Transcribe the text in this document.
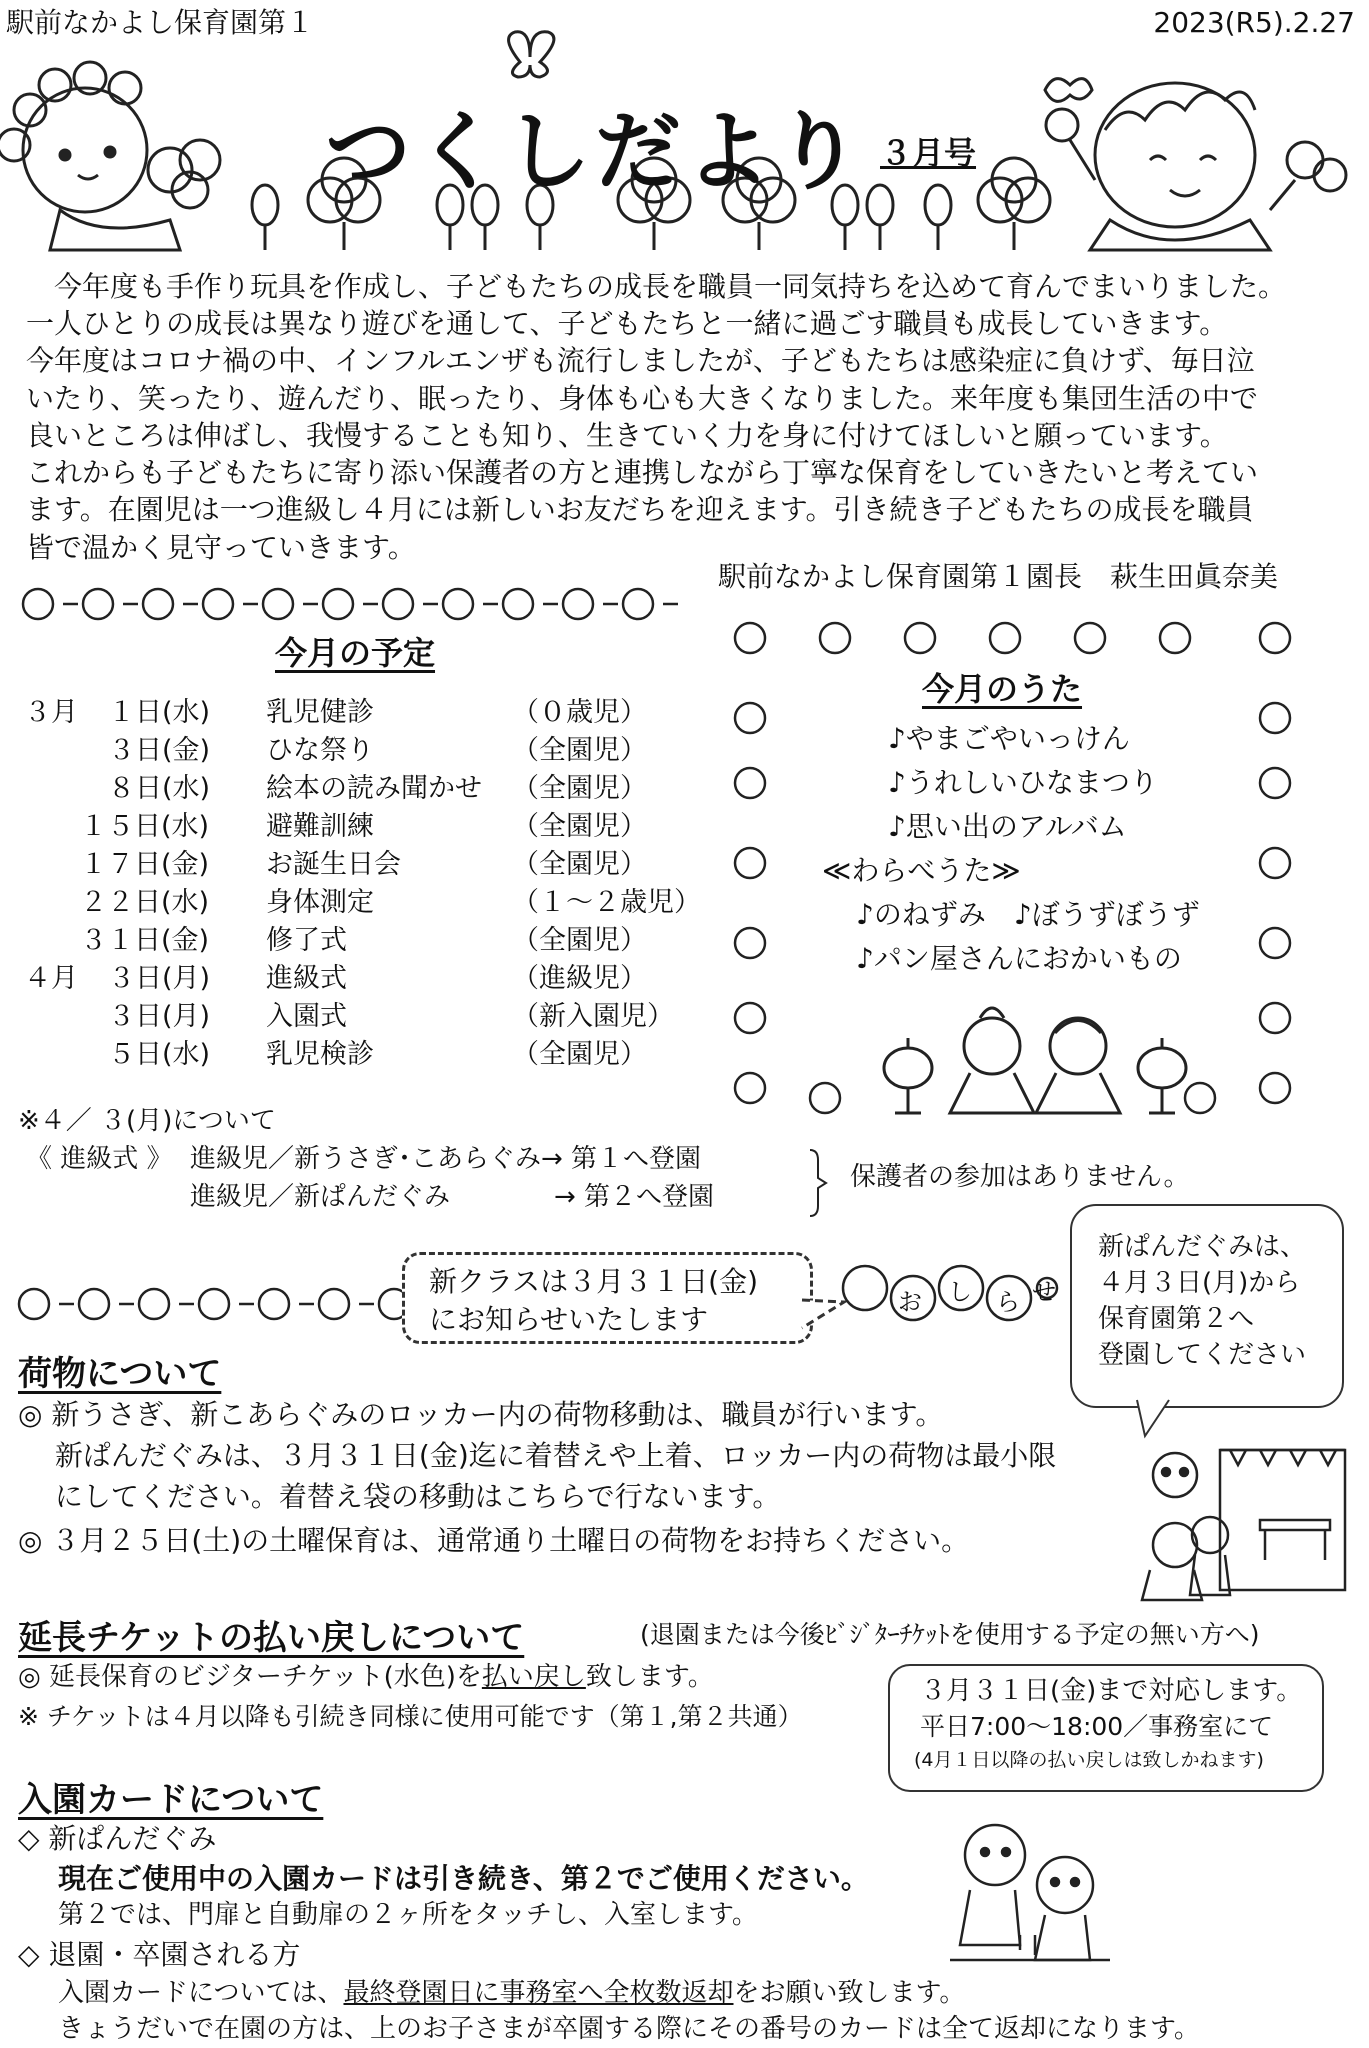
駅前なかよし保育園第１	2023(R5).2.27
つくしだより ３月号
　今年度も手作り玩具を作成し、子どもたちの成長を職員一同気持ちを込めて育んでまいりました。
一人ひとりの成長は異なり遊びを通して、子どもたちと一緒に過ごす職員も成長していきます。
今年度はコロナ禍の中、インフルエンザも流行しましたが、子どもたちは感染症に負けず、毎日泣
いたり、笑ったり、遊んだり、眠ったり、身体も心も大きくなりました。来年度も集団生活の中で
良いところは伸ばし、我慢することも知り、生きていく力を身に付けてほしいと願っています。
これからも子どもたちに寄り添い保護者の方と連携しながら丁寧な保育をしていきたいと考えてい
ます。在園児は一つ進級し４月には新しいお友だちを迎えます。引き続き子どもたちの成長を職員
皆で温かく見守っていきます。
駅前なかよし保育園第１園長　萩生田眞奈美
今月の予定
３月 １日(水) 乳児健診	（０歳児）
３日(金) ひな祭り	（全園児）
８日(水) 絵本の読み聞かせ （全園児）
１５日(水) 避難訓練	（全園児）
１７日(金) お誕生日会	（全園児）
２２日(水) 身体測定	（１～２歳児）
３１日(金) 修了式	（全園児）
４月 ３日(月) 進級式	（進級児）
３日(月) 入園式	（新入園児）
５日(水) 乳児検診	（全園児）
※４／ ３(月)について
《 進級式 》 進級児／新うさぎ･こあらぐみ→ 第１へ登園
進級児／新ぱんだぐみ　　　　→ 第２へ登園
保護者の参加はありません。
今月のうた
♪やまごやいっけん
♪うれしいひなまつり
♪思い出のアルバム
≪わらべうた≫
♪のねずみ　♪ぼうずぼうず
♪パン屋さんにおかいもの
新クラスは３月３１日(金)
にお知らせいたします
お し ら せ
新ぱんだぐみは、
４月３日(月)から
保育園第２へ
登園してください
荷物について
◎ 新うさぎ、新こあらぐみのロッカー内の荷物移動は、職員が行います。
　 新ぱんだぐみは、３月３１日(金)迄に着替えや上着、ロッカー内の荷物は最小限
　 にしてください。着替え袋の移動はこちらで行ないます。
◎ ３月２５日(土)の土曜保育は、通常通り土曜日の荷物をお持ちください。
延長チケットの払い戻しについて	(退園または今後ﾋﾞｼﾞﾀｰﾁｹｯﾄを使用する予定の無い方へ)
◎ 延長保育のビジターチケット(水色)を払い戻し致します。
※ チケットは４月以降も引続き同様に使用可能です（第１,第２共通）
３月３１日(金)まで対応します。
平日7:00～18:00／事務室にて
(4月１日以降の払い戻しは致しかねます)
入園カードについて
◇ 新ぱんだぐみ
現在ご使用中の入園カードは引き続き、第２でご使用ください。
第２では、門扉と自動扉の２ヶ所をタッチし、入室します。
◇ 退園・卒園される方
入園カードについては、最終登園日に事務室へ全枚数返却をお願い致します。
きょうだいで在園の方は、上のお子さまが卒園する際にその番号のカードは全て返却になります。
